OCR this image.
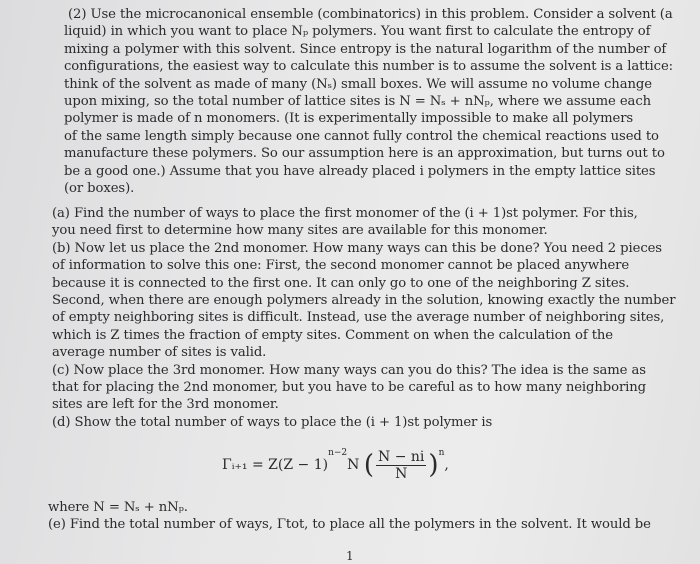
(2) Use the microcanonical ensemble (combinatorics) in this problem. Consider a solvent (a
liquid) in which you want to place Nₚ polymers. You want first to calculate the entropy of
mixing a polymer with this solvent. Since entropy is the natural logarithm of the number of
configurations, the easiest way to calculate this number is to assume the solvent is a lattice:
think of the solvent as made of many (Nₛ) small boxes. We will assume no volume change
upon mixing, so the total number of lattice sites is N = Nₛ + nNₚ, where we assume each
polymer is made of n monomers. (It is experimentally impossible to make all polymers
of the same length simply because one cannot fully control the chemical reactions used to
manufacture these polymers. So our assumption here is an approximation, but turns out to
be a good one.) Assume that you have already placed i polymers in the empty lattice sites
(or boxes).
(a) Find the number of ways to place the first monomer of the (i + 1)st polymer. For this,
you need first to determine how many sites are available for this monomer.
(b) Now let us place the 2nd monomer. How many ways can this be done? You need 2 pieces
of information to solve this one: First, the second monomer cannot be placed anywhere
because it is connected to the first one. It can only go to one of the neighboring Z sites.
Second, when there are enough polymers already in the solution, knowing exactly the number
of empty neighboring sites is difficult. Instead, use the average number of neighboring sites,
which is Z times the fraction of empty sites. Comment on when the calculation of the
average number of sites is valid.
(c) Now place the 3rd monomer. How many ways can you do this? The idea is the same as
that for placing the 2nd monomer, but you have to be careful as to how many neighboring
sites are left for the 3rd monomer.
(d) Show the total number of ways to place the (i + 1)st polymer is
Γᵢ₊₁ = $Z(Z - 1)^{n-2}N$ ( $\frac{N - ni}{N} )^n$,
where N = Nₛ + nNₚ.
(e) Find the total number of ways, Γtot, to place all the polymers in the solvent. It would be
1
